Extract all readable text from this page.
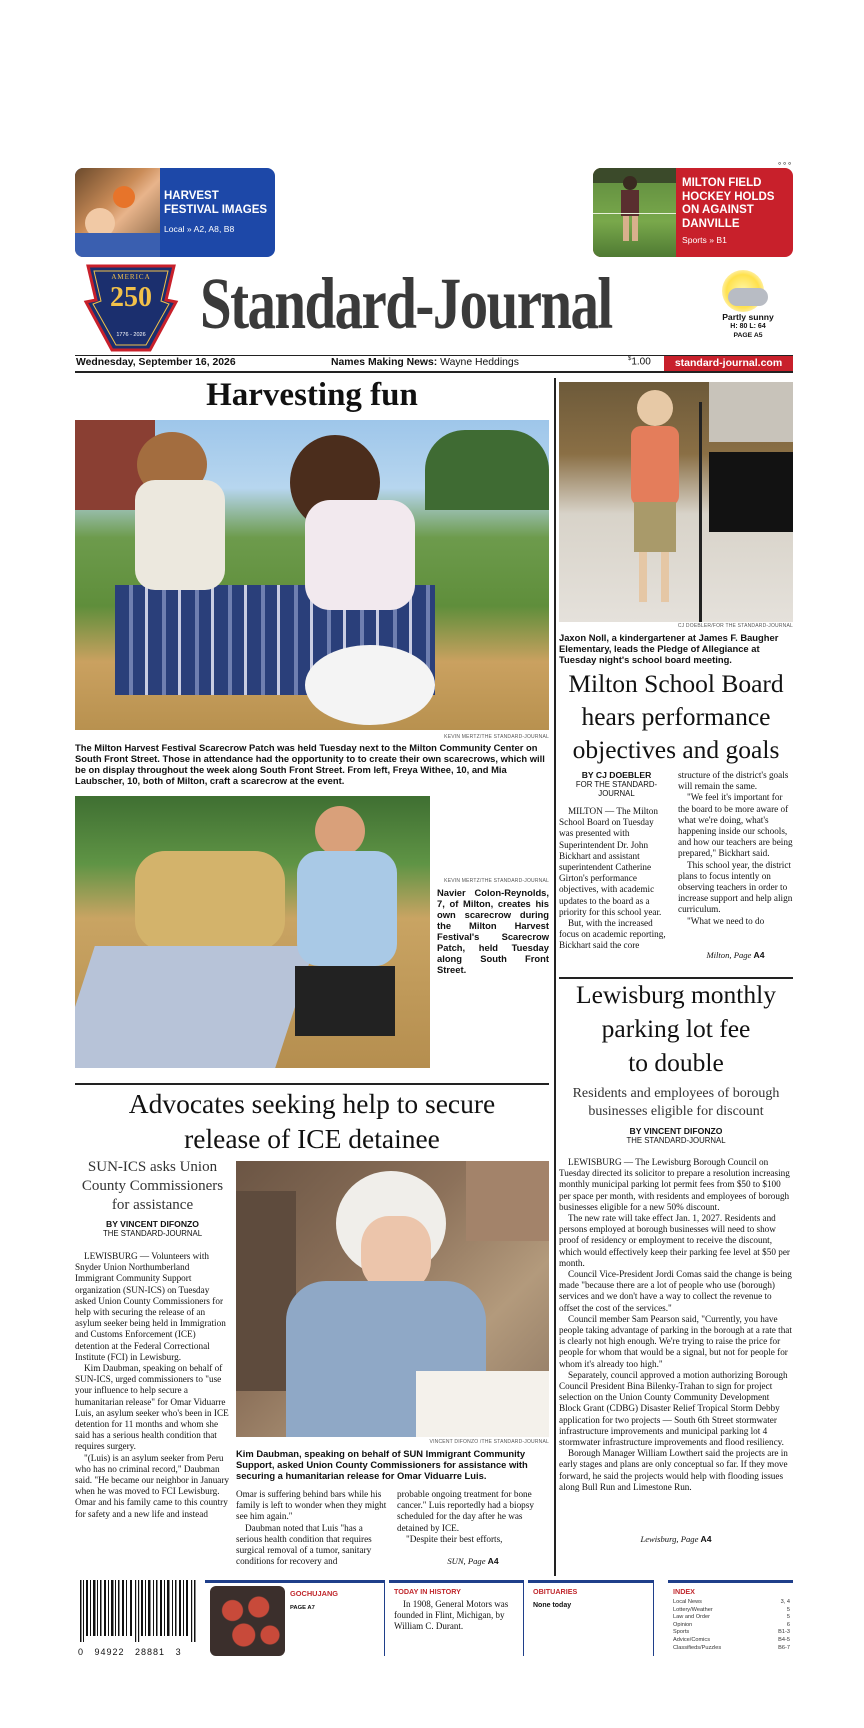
HARVEST FESTIVAL IMAGES
Local » A2, A8, B8
MILTON FIELD HOCKEY HOLDS ON AGAINST DANVILLE
Sports » B1
∘∘∘
AMERICA
250
1776 - 2026 Standard-Journal	Partly sunny
H: 80 L: 64
PAGE A5
Wednesday, September 16, 2026	Names Making News: Wayne Heddings	$1.00	standard-journal.com
Harvesting fun
KEVIN MERTZ/THE STANDARD-JOURNAL
The Milton Harvest Festival Scarecrow Patch was held Tuesday next to the Milton Community Center on South Front Street. Those in attendance had the opportunity to to create their own scarecrows, which will be on display throughout the week along South Front Street. From left, Freya Withee, 10, and Mia Laubscher, 10, both of Milton, craft a scarecrow at the event.
KEVIN MERTZ/THE STANDARD-JOURNAL
Navier Colon-Reynolds, 7, of Milton, creates his own scarecrow during the Milton Harvest Festival's Scarecrow Patch, held Tuesday along South Front Street.
CJ DOEBLER/FOR THE STANDARD-JOURNAL
Jaxon Noll, a kindergartener at James F. Baugher Elementary, leads the Pledge of Allegiance at Tuesday night's school board meeting.
Milton School Board
hears performance
objectives and goals
BY CJ DOEBLER
FOR THE STANDARD-JOURNAL

MILTON — The Milton School Board on Tuesday was presented with Superintendent Dr. John Bickhart and assistant superintendent Catherine Girton's performance objectives, with academic updates to the board as a priority for this school year.

But, with the increased focus on academic reporting, Bickhart said the core

structure of the district's goals will remain the same.

"We feel it's important for the board to be more aware of what we're doing, what's happening inside our schools, and how our teachers are being prepared," Bickhart said.

This school year, the district plans to focus intently on observing teachers in order to increase support and help align curriculum.

"What we need to do

Milton, Page A4
Lewisburg monthly
parking lot fee
to double
Residents and employees of borough businesses eligible for discount
BY VINCENT DIFONZO
THE STANDARD-JOURNAL

LEWISBURG — The Lewisburg Borough Council on Tuesday directed its solicitor to prepare a resolution increasing monthly municipal parking lot permit fees from $50 to $100 per space per month, with residents and employees of borough businesses eligible for a new 50% discount.

The new rate will take effect Jan. 1, 2027. Residents and persons employed at borough businesses will need to show proof of residency or employment to receive the discount, which would effectively keep their parking fee level at $50 per month.

Council Vice-President Jordi Comas said the change is being made "because there are a lot of people who use (borough) services and we don't have a way to collect the revenue to offset the cost of the services."

Council member Sam Pearson said, "Currently, you have people taking advantage of parking in the borough at a rate that is clearly not high enough. We're trying to raise the price for people for whom that would be a signal, but not for people for whom it's already too high."

Separately, council approved a motion authorizing Borough Council President Bina Bilenky-Trahan to sign for project selection on the Union County Community Development Block Grant (CDBG) Disaster Relief Tropical Storm Debby application for two projects — South 6th Street stormwater infrastructure improvements and municipal parking lot 4 stormwater infrastructure improvements and flood resiliency.

Borough Manager William Lowthert said the projects are in early stages and plans are only conceptual so far. If they move forward, he said the projects would help with flooding issues along Bull Run and Limestone Run.

Lewisburg, Page A4
Advocates seeking help to secure
release of ICE detainee
SUN-ICS asks Union County Commissioners for assistance
BY VINCENT DIFONZO
THE STANDARD-JOURNAL

LEWISBURG — Volunteers with Snyder Union Northumberland Immigrant Community Support organization (SUN-ICS) on Tuesday asked Union County Commissioners for help with securing the release of an asylum seeker being held in Immigration and Customs Enforcement (ICE) detention at the Federal Correctional Institute (FCI) in Lewisburg.

Kim Daubman, speaking on behalf of SUN-ICS, urged commissioners to "use your influence to help secure a humanitarian release" for Omar Viduarre Luis, an asylum seeker who's been in ICE detention for 11 months and whom she said has a serious health condition that requires surgery.

"(Luis) is an asylum seeker from Peru who has no criminal record," Daubman said. "He became our neighbor in January when he was moved to FCI Lewisburg. Omar and his family came to this country for safety and a new life and instead

VINCENT DIFONZO /THE STANDARD-JOURNAL
Kim Daubman, speaking on behalf of SUN Immigrant Community Support, asked Union County Commissioners for assistance with securing a humanitarian release for Omar Viduarre Luis.

Omar is suffering behind bars while his family is left to wonder when they might see him again."

Daubman noted that Luis "has a serious health condition that requires surgical removal of a tumor, sanitary conditions for recovery and

probable ongoing treatment for bone cancer." Luis reportedly had a biopsy scheduled for the day after he was detained by ICE.

"Despite their best efforts,

SUN, Page A4
0   94922   28881   3
GOCHUJANG
PAGE A7
TODAY IN HISTORY
In 1908, General Motors was founded in Flint, Michigan, by William C. Durant.
OBITUARIES
None today
INDEX
Local News	3, 4
Lottery/Weather	5
Law and Order	5
Opinion	6
Sports	B1-3
Advice/Comics	B4-5
Classifieds/Puzzles	B6-7
